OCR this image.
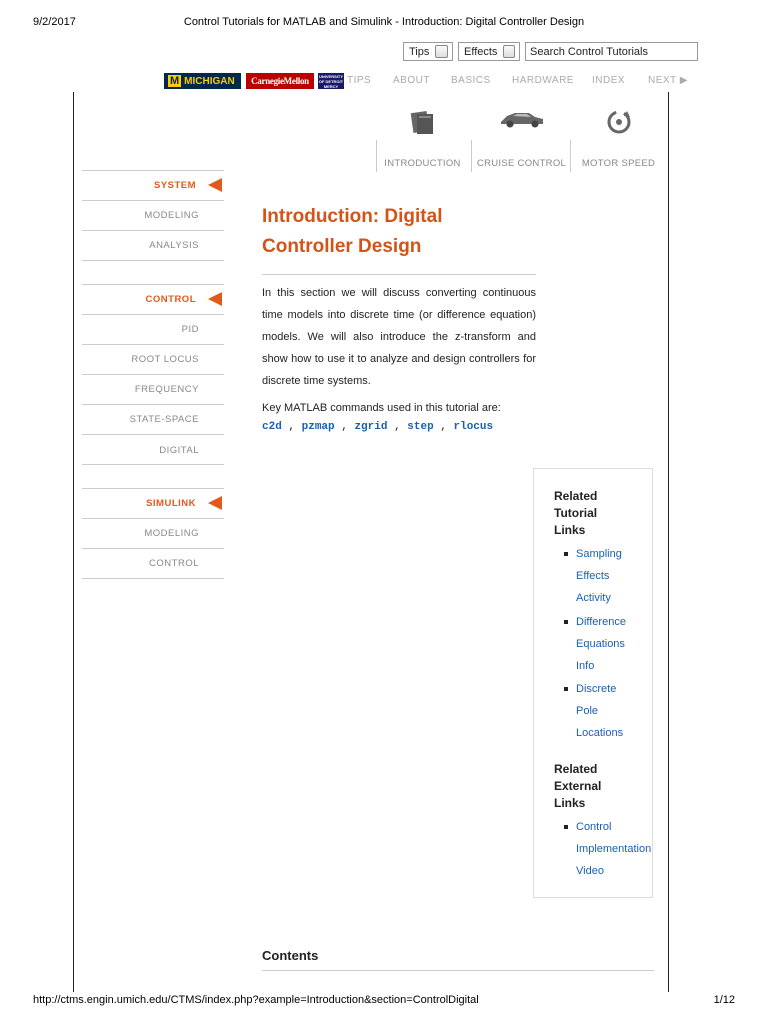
9/2/2017	Control Tutorials for MATLAB and Simulink - Introduction: Digital Controller Design
http://ctms.engin.umich.edu/CTMS/index.php?example=Introduction&section=ControlDigital	1/12
Tips	Effects
Search Control Tutorials
M MICHIGAN	CarnegieMellon	UNIVERSITY OF DETROIT MERCY TIPS ABOUT BASICS HARDWARE INDEX NEXT ▶
INTRODUCTION	CRUISE CONTROL	MOTOR SPEED
SYSTEM
MODELING
ANALYSIS
CONTROL
PID
ROOT LOCUS
FREQUENCY
STATE-SPACE
DIGITAL
SIMULINK
MODELING
CONTROL
Introduction: Digital
Controller Design
In this section we will discuss converting continuous time models into discrete time (or difference equation) models. We will also introduce the z-transform and show how to use it to analyze and design controllers for discrete time systems.
Key MATLAB commands used in this tutorial are:
c2d , pzmap , zgrid , step , rlocus
Related
Tutorial
Links
Sampling
Effects
Activity
Difference
Equations
Info
Discrete
Pole
Locations
Related
External
Links
Control
Implementation
Video
Contents
